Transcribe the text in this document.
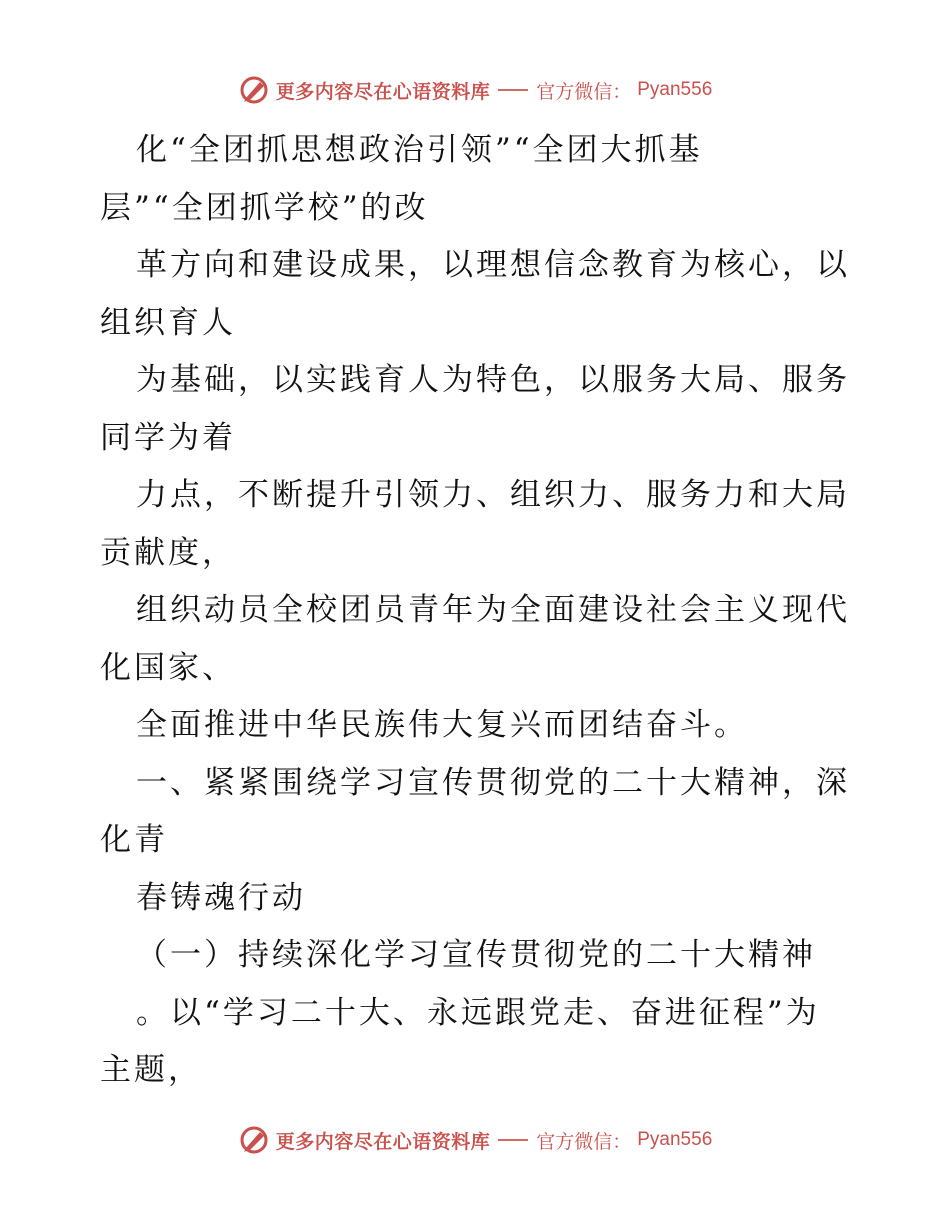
更多内容尽在心语资料库 官方微信： Pyan556
化“全团抓思想政治引领”“全团大抓基
层”“全团抓学校”的改
革方向和建设成果，以理想信念教育为核心，以
组织育人
为基础，以实践育人为特色，以服务大局、服务
同学为着
力点，不断提升引领力、组织力、服务力和大局
贡献度，
组织动员全校团员青年为全面建设社会主义现代
化国家、
全面推进中华民族伟大复兴而团结奋斗。
一、紧紧围绕学习宣传贯彻党的二十大精神，深
化青
春铸魂行动
（一）持续深化学习宣传贯彻党的二十大精神
。以“学习二十大、永远跟党走、奋进征程”为
主题，
更多内容尽在心语资料库 官方微信： Pyan556
